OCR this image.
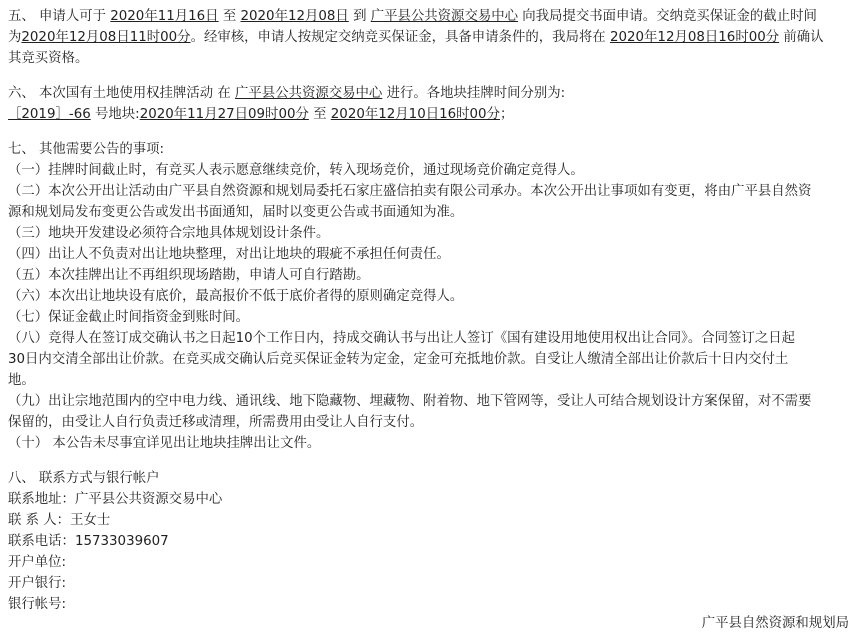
五、 申请人可于 2020年11月16日 至 2020年12月08日 到 广平县公共资源交易中心 向我局提交书面申请。交纳竞买保证金的截止时间
为2020年12月08日11时00分。经审核，申请人按规定交纳竞买保证金，具备申请条件的，我局将在 2020年12月08日16时00分 前确认
其竞买资格。
六、 本次国有土地使用权挂牌活动 在 广平县公共资源交易中心 进行。各地块挂牌时间分别为:
［2019］-66 号地块:2020年11月27日09时00分 至 2020年12月10日16时00分；
七、 其他需要公告的事项:
（一）挂牌时间截止时，有竞买人表示愿意继续竞价，转入现场竞价，通过现场竞价确定竞得人。
（二）本次公开出让活动由广平县自然资源和规划局委托石家庄盛信拍卖有限公司承办。本次公开出让事项如有变更，将由广平县自然资
源和规划局发布变更公告或发出书面通知，届时以变更公告或书面通知为准。
（三）地块开发建设必须符合宗地具体规划设计条件。
（四）出让人不负责对出让地块整理，对出让地块的瑕疵不承担任何责任。
（五）本次挂牌出让不再组织现场踏勘，申请人可自行踏勘。
（六）本次出让地块设有底价，最高报价不低于底价者得的原则确定竞得人。
（七）保证金截止时间指资金到账时间。
（八）竞得人在签订成交确认书之日起10个工作日内，持成交确认书与出让人签订《国有建设用地使用权出让合同》。合同签订之日起
30日内交清全部出让价款。在竞买成交确认后竞买保证金转为定金，定金可充抵地价款。自受让人缴清全部出让价款后十日内交付土
地。
（九）出让宗地范围内的空中电力线、通讯线、地下隐藏物、埋藏物、附着物、地下管网等，受让人可结合规划设计方案保留，对不需要
保留的，由受让人自行负责迁移或清理，所需费用由受让人自行支付。
（十） 本公告未尽事宜详见出让地块挂牌出让文件。
八、 联系方式与银行帐户
联系地址：广平县公共资源交易中心
联 系 人：王女士
联系电话：15733039607
开户单位:
开户银行:
银行帐号:
广平县自然资源和规划局
